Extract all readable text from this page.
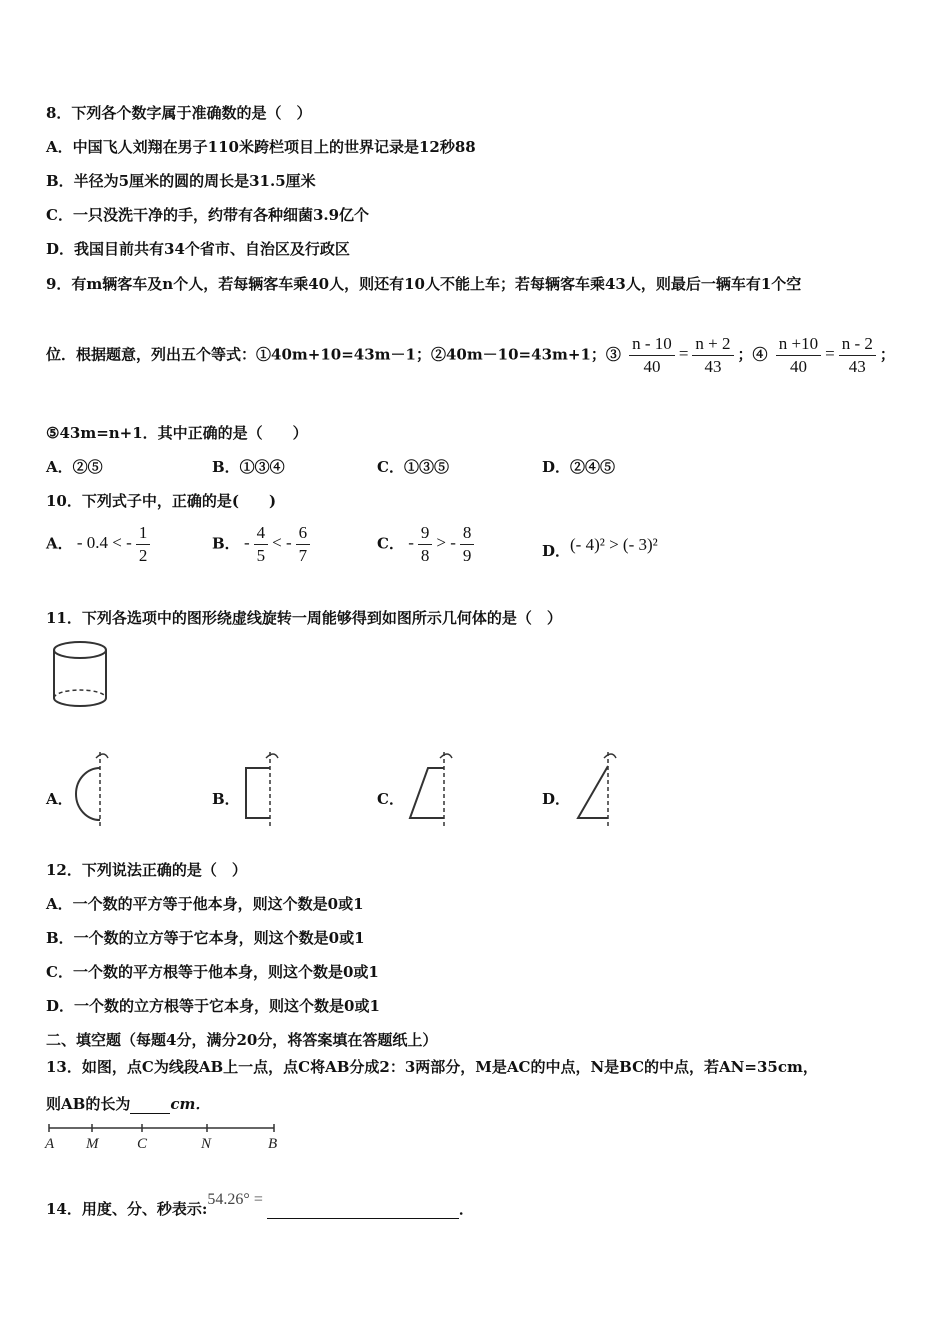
8．下列各个数字属于准确数的是（　）
A．中国飞人刘翔在男子110米跨栏项目上的世界记录是12秒88
B．半径为5厘米的圆的周长是31.5厘米
C．一只没洗干净的手，约带有各种细菌3.9亿个
D．我国目前共有34个省市、自治区及行政区
9．有m辆客车及n个人，若每辆客车乘40人，则还有10人不能上车；若每辆客车乘43人，则最后一辆车有1个空
位．根据题意，列出五个等式：①40m+10=43m－1；②40m－10=43m+1；③ $\frac{n - 10}{40} = \frac{n + 2}{43}$ ；④ $\frac{n +10}{40} = \frac{n - 2}{43}$ ；
⑤43m=n+1．其中正确的是（　　）
A．②⑤	B．①③④	C．①③⑤	D．②④⑤
10．下列式子中，正确的是(　　)
A． - 0.4 < - $\frac{1}{2}$	B． - $\frac{4}{5}$ < - $\frac{6}{7}$	C． - $\frac{9}{8}$ > - $\frac{8}{9}$	D．(- 4)² > (- 3)²
11．下列各选项中的图形绕虚线旋转一周能够得到如图所示几何体的是（　）
A．	B．	C．	D．
12．下列说法正确的是（　）
A．一个数的平方等于他本身，则这个数是0或1
B．一个数的立方等于它本身，则这个数是0或1
C．一个数的平方根等于他本身，则这个数是0或1
D．一个数的立方根等于它本身，则这个数是0或1
二、填空题（每题4分，满分20分，将答案填在答题纸上）
13．如图，点C为线段AB上一点，点C将AB分成2：3两部分，M是AC的中点，N是BC的中点，若AN=35cm，
则AB的长为	cm．
A M	C	N	B
14．用度、分、秒表示:54.26° = ．
